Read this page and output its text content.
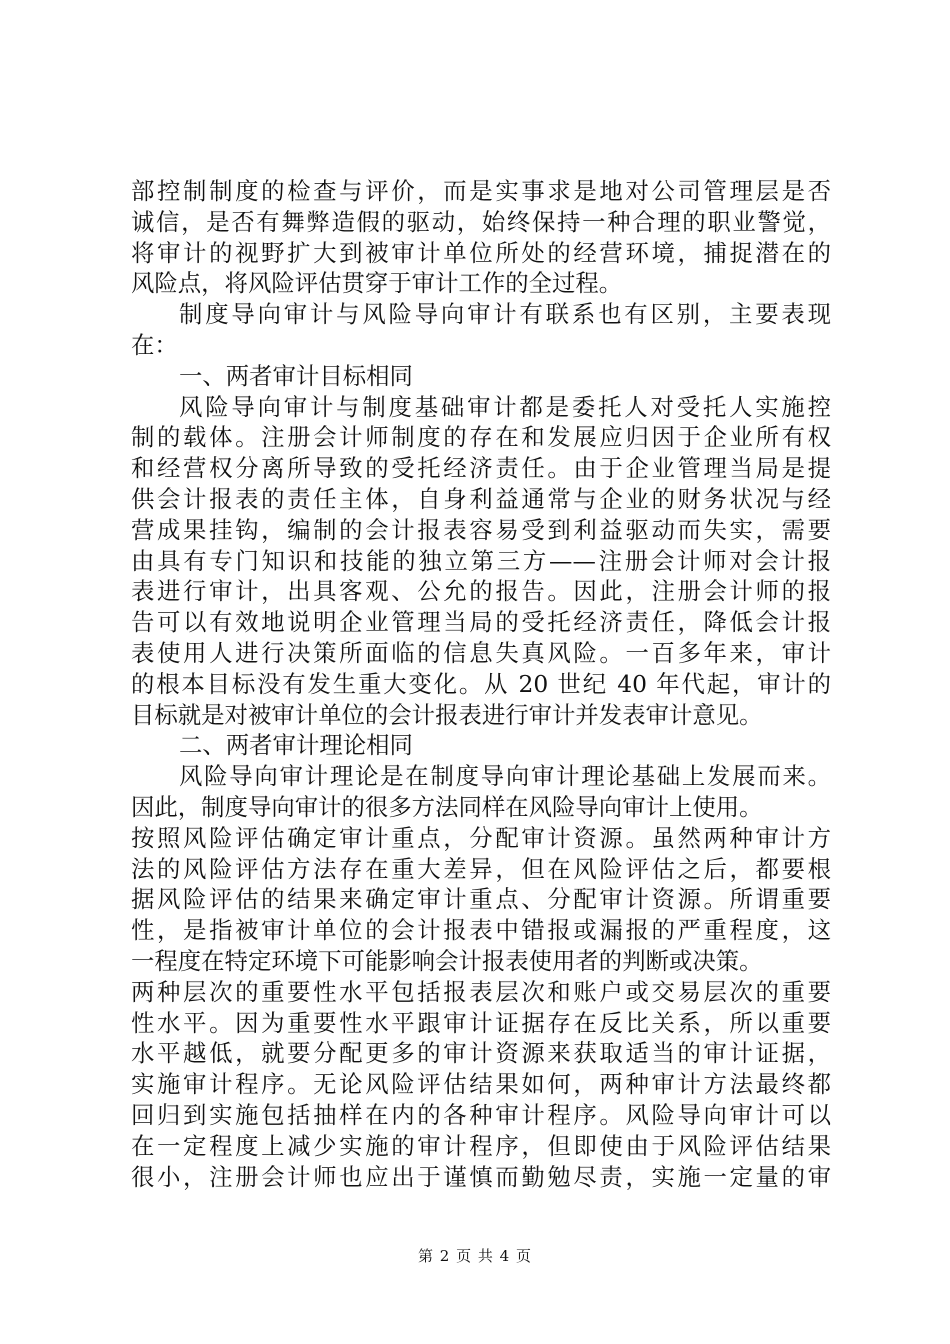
部控制制度的检查与评价，而是实事求是地对公司管理层是否
诚信，是否有舞弊造假的驱动，始终保持一种合理的职业警觉，
将审计的视野扩大到被审计单位所处的经营环境，捕捉潜在的
风险点，将风险评估贯穿于审计工作的全过程。
制度导向审计与风险导向审计有联系也有区别，主要表现
在：
一、两者审计目标相同
风险导向审计与制度基础审计都是委托人对受托人实施控
制的载体。注册会计师制度的存在和发展应归因于企业所有权
和经营权分离所导致的受托经济责任。由于企业管理当局是提
供会计报表的责任主体，自身利益通常与企业的财务状况与经
营成果挂钩，编制的会计报表容易受到利益驱动而失实，需要
由具有专门知识和技能的独立第三方——注册会计师对会计报
表进行审计，出具客观、公允的报告。因此，注册会计师的报
告可以有效地说明企业管理当局的受托经济责任，降低会计报
表使用人进行决策所面临的信息失真风险。一百多年来，审计
的根本目标没有发生重大变化。从 20 世纪 40 年代起，审计的
目标就是对被审计单位的会计报表进行审计并发表审计意见。
二、两者审计理论相同
风险导向审计理论是在制度导向审计理论基础上发展而来。
因此，制度导向审计的很多方法同样在风险导向审计上使用。
按照风险评估确定审计重点，分配审计资源。虽然两种审计方
法的风险评估方法存在重大差异，但在风险评估之后，都要根
据风险评估的结果来确定审计重点、分配审计资源。所谓重要
性，是指被审计单位的会计报表中错报或漏报的严重程度，这
一程度在特定环境下可能影响会计报表使用者的判断或决策。
两种层次的重要性水平包括报表层次和账户或交易层次的重要
性水平。因为重要性水平跟审计证据存在反比关系，所以重要
水平越低，就要分配更多的审计资源来获取适当的审计证据，
实施审计程序。无论风险评估结果如何，两种审计方法最终都
回归到实施包括抽样在内的各种审计程序。风险导向审计可以
在一定程度上减少实施的审计程序，但即使由于风险评估结果
很小，注册会计师也应出于谨慎而勤勉尽责，实施一定量的审
第 2 页 共 4 页
